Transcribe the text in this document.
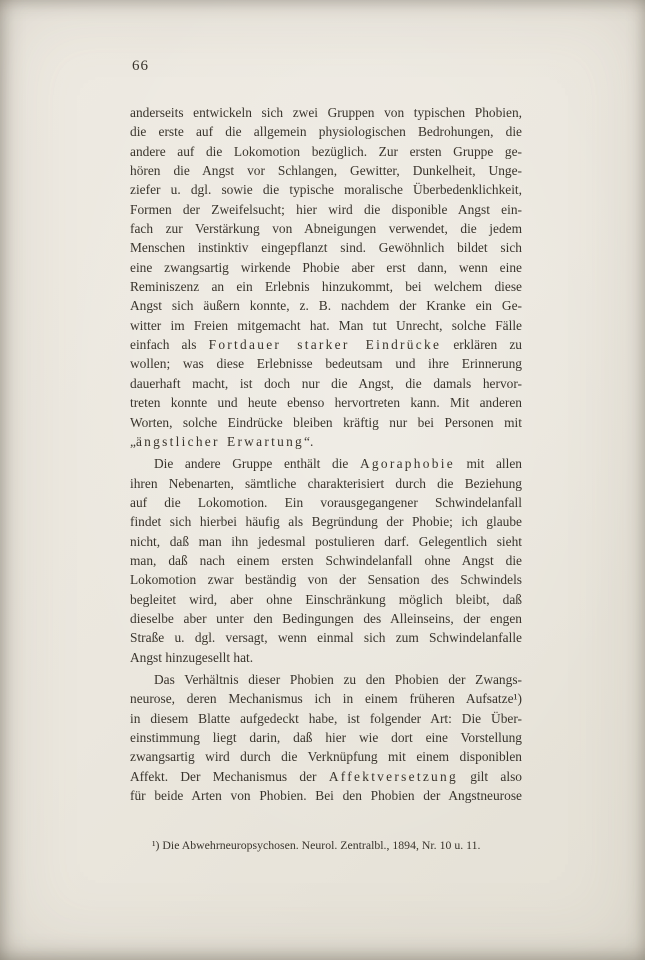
66
anderseits entwickeln sich zwei Gruppen von typischen Phobien,
die erste auf die allgemein physiologischen Bedrohungen, die
andere auf die Lokomotion bezüglich. Zur ersten Gruppe ge-
hören die Angst vor Schlangen, Gewitter, Dunkelheit, Unge-
ziefer u. dgl. sowie die typische moralische Überbedenklichkeit,
Formen der Zweifelsucht; hier wird die disponible Angst ein-
fach zur Verstärkung von Abneigungen verwendet, die jedem
Menschen instinktiv eingepflanzt sind. Gewöhnlich bildet sich
eine zwangsartig wirkende Phobie aber erst dann, wenn eine
Reminiszenz an ein Erlebnis hinzukommt, bei welchem diese
Angst sich äußern konnte, z. B. nachdem der Kranke ein Ge-
witter im Freien mitgemacht hat. Man tut Unrecht, solche Fälle
einfach als Fortdauer starker Eindrücke erklären zu
wollen; was diese Erlebnisse bedeutsam und ihre Erinnerung
dauerhaft macht, ist doch nur die Angst, die damals hervor-
treten konnte und heute ebenso hervortreten kann. Mit anderen
Worten, solche Eindrücke bleiben kräftig nur bei Personen mit
„ängstlicher Erwartung“.
Die andere Gruppe enthält die Agoraphobie mit allen
ihren Nebenarten, sämtliche charakterisiert durch die Beziehung
auf die Lokomotion. Ein vorausgegangener Schwindelanfall
findet sich hierbei häufig als Begründung der Phobie; ich glaube
nicht, daß man ihn jedesmal postulieren darf. Gelegentlich sieht
man, daß nach einem ersten Schwindelanfall ohne Angst die
Lokomotion zwar beständig von der Sensation des Schwindels
begleitet wird, aber ohne Einschränkung möglich bleibt, daß
dieselbe aber unter den Bedingungen des Alleinseins, der engen
Straße u. dgl. versagt, wenn einmal sich zum Schwindelanfalle
Angst hinzugesellt hat.
Das Verhältnis dieser Phobien zu den Phobien der Zwangs-
neurose, deren Mechanismus ich in einem früheren Aufsatze¹)
in diesem Blatte aufgedeckt habe, ist folgender Art: Die Über-
einstimmung liegt darin, daß hier wie dort eine Vorstellung
zwangsartig wird durch die Verknüpfung mit einem disponiblen
Affekt. Der Mechanismus der Affektversetzung gilt also
für beide Arten von Phobien. Bei den Phobien der Angstneurose
¹) Die Abwehrneuropsychosen. Neurol. Zentralbl., 1894, Nr. 10 u. 11.
